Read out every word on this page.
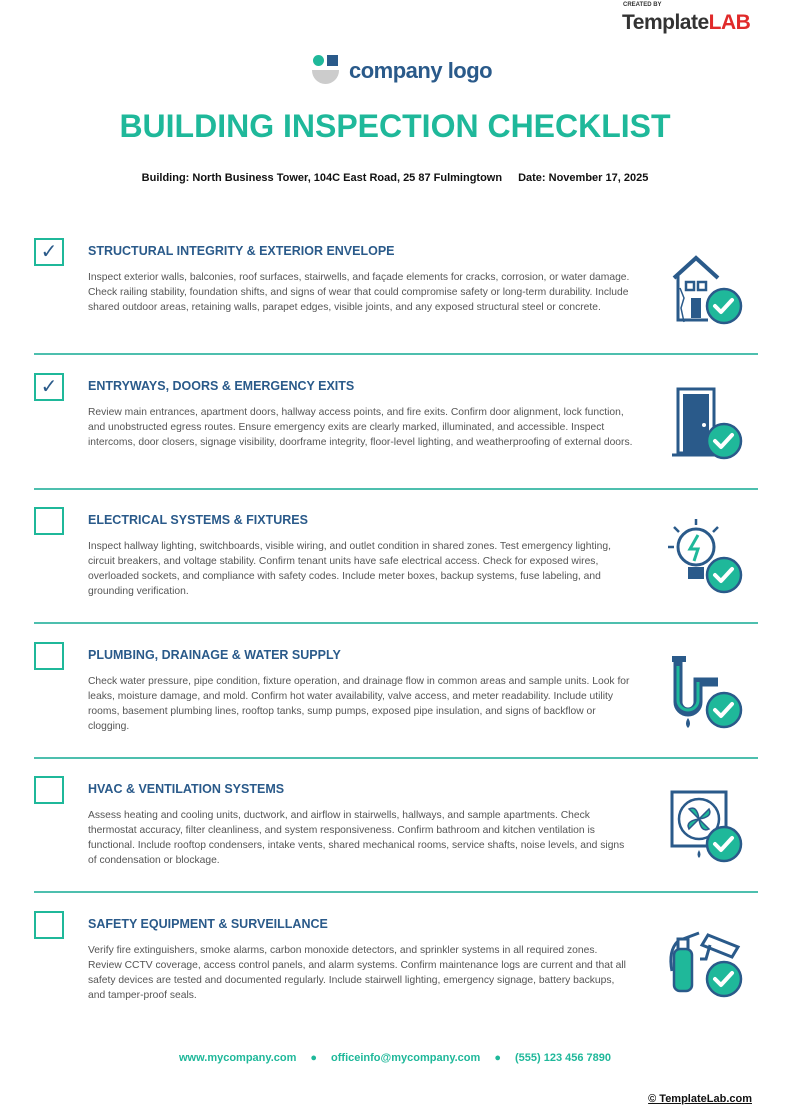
CREATED BY
TemplateLAB
company logo
BUILDING INSPECTION CHECKLIST
Building: North Business Tower, 104C East Road, 25 87 Fulmingtown Date: November 17, 2025
✓	STRUCTURAL INTEGRITY & EXTERIOR ENVELOPE
Inspect exterior walls, balconies, roof surfaces, stairwells, and façade elements for cracks, corrosion, or water damage. Check railing stability, foundation shifts, and signs of wear that could compromise safety or long-term durability. Include shared outdoor areas, retaining walls, parapet edges, visible joints, and any exposed structural steel or concrete.
✓	ENTRYWAYS, DOORS & EMERGENCY EXITS
Review main entrances, apartment doors, hallway access points, and fire exits. Confirm door alignment, lock function, and unobstructed egress routes. Ensure emergency exits are clearly marked, illuminated, and accessible. Inspect intercoms, door closers, signage visibility, doorframe integrity, floor-level lighting, and weatherproofing of external doors.
ELECTRICAL SYSTEMS & FIXTURES
Inspect hallway lighting, switchboards, visible wiring, and outlet condition in shared zones. Test emergency lighting, circuit breakers, and voltage stability. Confirm tenant units have safe electrical access. Check for exposed wires, overloaded sockets, and compliance with safety codes. Include meter boxes, backup systems, fuse labeling, and grounding verification.
PLUMBING, DRAINAGE & WATER SUPPLY
Check water pressure, pipe condition, fixture operation, and drainage flow in common areas and sample units. Look for leaks, moisture damage, and mold. Confirm hot water availability, valve access, and meter readability. Include utility rooms, basement plumbing lines, rooftop tanks, sump pumps, exposed pipe insulation, and signs of backflow or clogging.
HVAC & VENTILATION SYSTEMS
Assess heating and cooling units, ductwork, and airflow in stairwells, hallways, and sample apartments. Check thermostat accuracy, filter cleanliness, and system responsiveness. Confirm bathroom and kitchen ventilation is functional. Include rooftop condensers, intake vents, shared mechanical rooms, service shafts, noise levels, and signs of condensation or blockage.
SAFETY EQUIPMENT & SURVEILLANCE
Verify fire extinguishers, smoke alarms, carbon monoxide detectors, and sprinkler systems in all required zones. Review CCTV coverage, access control panels, and alarm systems. Confirm maintenance logs are current and that all safety devices are tested and documented regularly. Include stairwell lighting, emergency signage, battery backups, and tamper-proof seals.
www.mycompany.com ● officeinfo@mycompany.com ● (555) 123 456 7890
© TemplateLab.com
